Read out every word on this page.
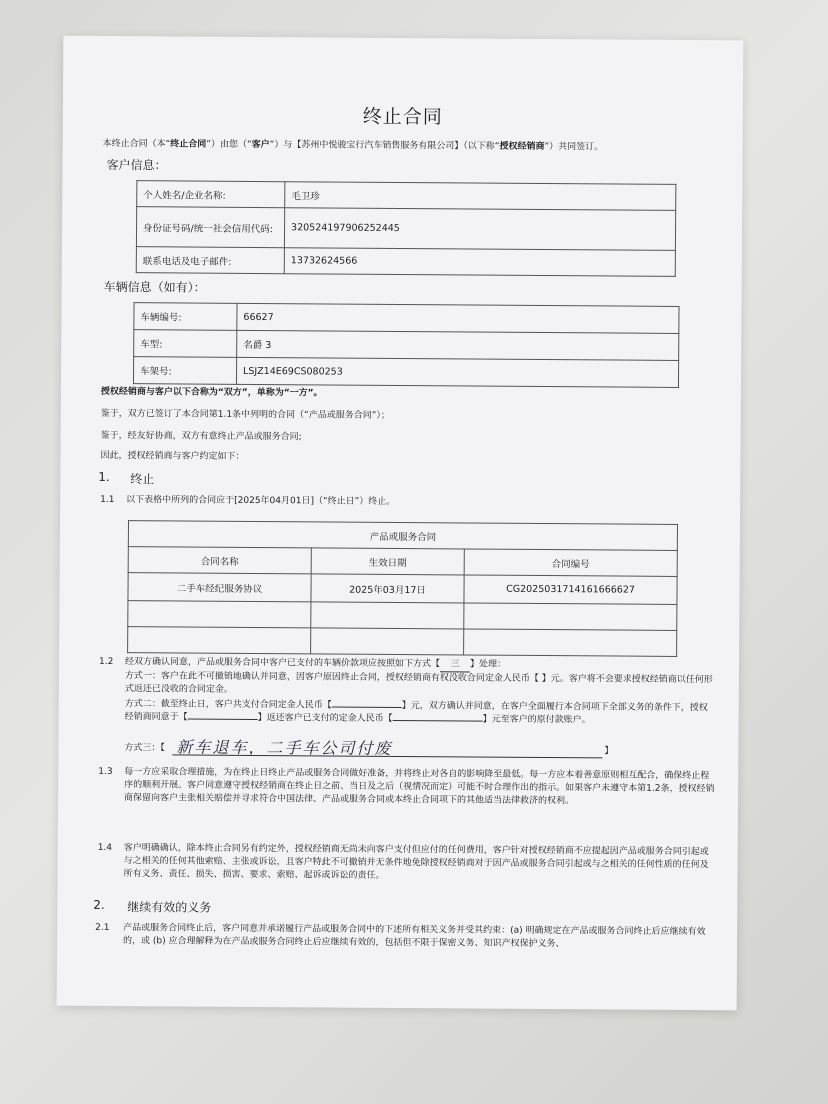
终止合同
本终止合同（本“终止合同”）由您（“客户”）与【苏州中悦骏宝行汽车销售服务有限公司】（以下称“授权经销商”）共同签订。
客户信息：
个人姓名/企业名称:	毛卫珍
身份证号码/统一社会信用代码:	320524197906252445
联系电话及电子邮件:	13732624566
车辆信息（如有）：
车辆编号:	66627
车型:	名爵 3
车架号:	LSJZ14E69CS080253
授权经销商与客户以下合称为“双方”，单称为“一方”。
鉴于，双方已签订了本合同第1.1条中列明的合同（“产品或服务合同”）；
鉴于，经友好协商，双方有意终止产品或服务合同;
因此，授权经销商与客户约定如下：
1. 终止
1.1 以下表格中所列的合同应于[2025年04月01日]（“终止日”）终止。
产品或服务合同		
合同名称	生效日期	合同编号
二手车经纪服务协议	2025年03月17日	CG2025031714161666627

1.2 经双方确认同意，产品或服务合同中客户已支付的车辆价款项应按照如下方式【 三 】处理：
方式一：客户在此不可撤销地确认并同意，因客户原因终止合同，授权经销商有权没收合同定金人民币【 】元。客户将不会要求授权经销商以任何形式返还已没收的合同定金。
方式二：截至终止日，客户共支付合同定金人民币【	】元，双方确认并同意，在客户全面履行本合同项下全部义务的条件下，授权经销商同意于【	】返还客户已支付的定金人民币【	】元至客户的原付款账户。
方式三：【 新车退车，二手车公司付废	】
1.3 每一方应采取合理措施，为在终止日终止产品或服务合同做好准备，并将终止对各自的影响降至最低。每一方应本着善意原则相互配合，确保终止程序的顺利开展。客户同意遵守授权经销商在终止日之前、当日及之后（视情况而定）可能不时合理作出的指示。如果客户未遵守本第1.2条，授权经销商保留向客户主张相关赔偿并寻求符合中国法律、产品或服务合同或本终止合同项下的其他适当法律救济的权利。
1.4 客户明确确认，除本终止合同另有约定外，授权经销商无尚未向客户支付但应付的任何费用，客户针对授权经销商不应提起因产品或服务合同引起或与之相关的任何其他索赔、主张或诉讼，且客户特此不可撤销并无条件地免除授权经销商对于因产品或服务合同引起或与之相关的任何性质的任何及所有义务、责任、损失、损害、要求、索赔、起诉或诉讼的责任。
2. 继续有效的义务
2.1 产品或服务合同终止后，客户同意并承诺履行产品或服务合同中的下述所有相关义务并受其约束：(a) 明确规定在产品或服务合同终止后应继续有效的，或 (b) 应合理解释为在产品或服务合同终止后应继续有效的，包括但不限于保密义务、知识产权保护义务、
